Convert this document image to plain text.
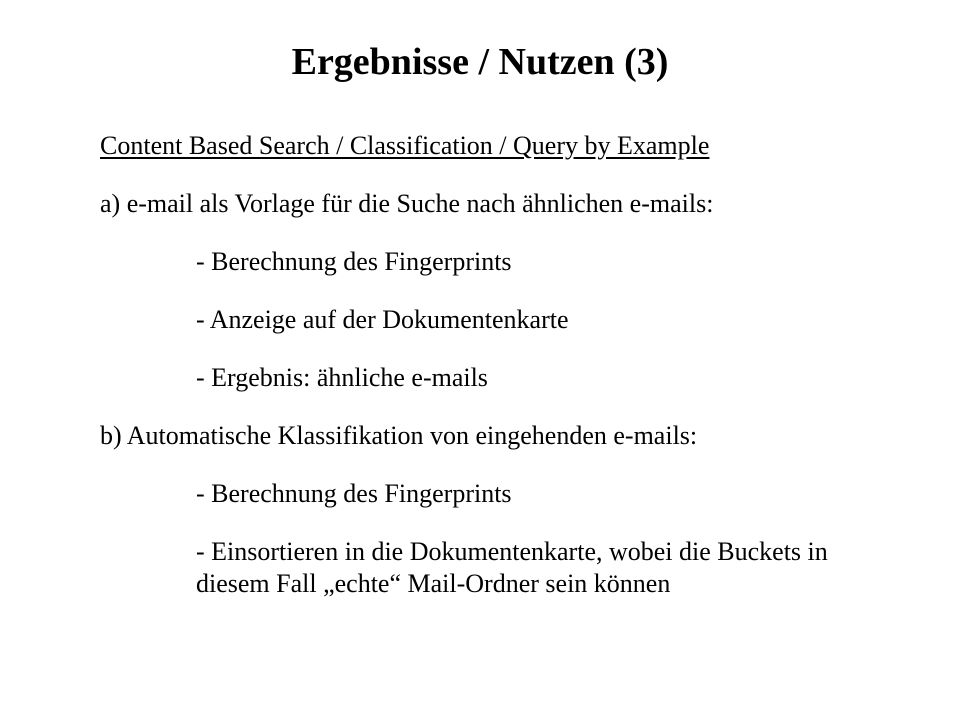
Ergebnisse / Nutzen (3)
Content Based Search / Classification / Query by Example
a) e-mail als Vorlage für die Suche nach ähnlichen e-mails:
- Berechnung des Fingerprints
- Anzeige auf der Dokumentenkarte
- Ergebnis: ähnliche e-mails
b) Automatische Klassifikation von eingehenden e-mails:
- Berechnung des Fingerprints
- Einsortieren in die Dokumentenkarte, wobei die Buckets in diesem Fall „echte“ Mail-Ordner sein können
